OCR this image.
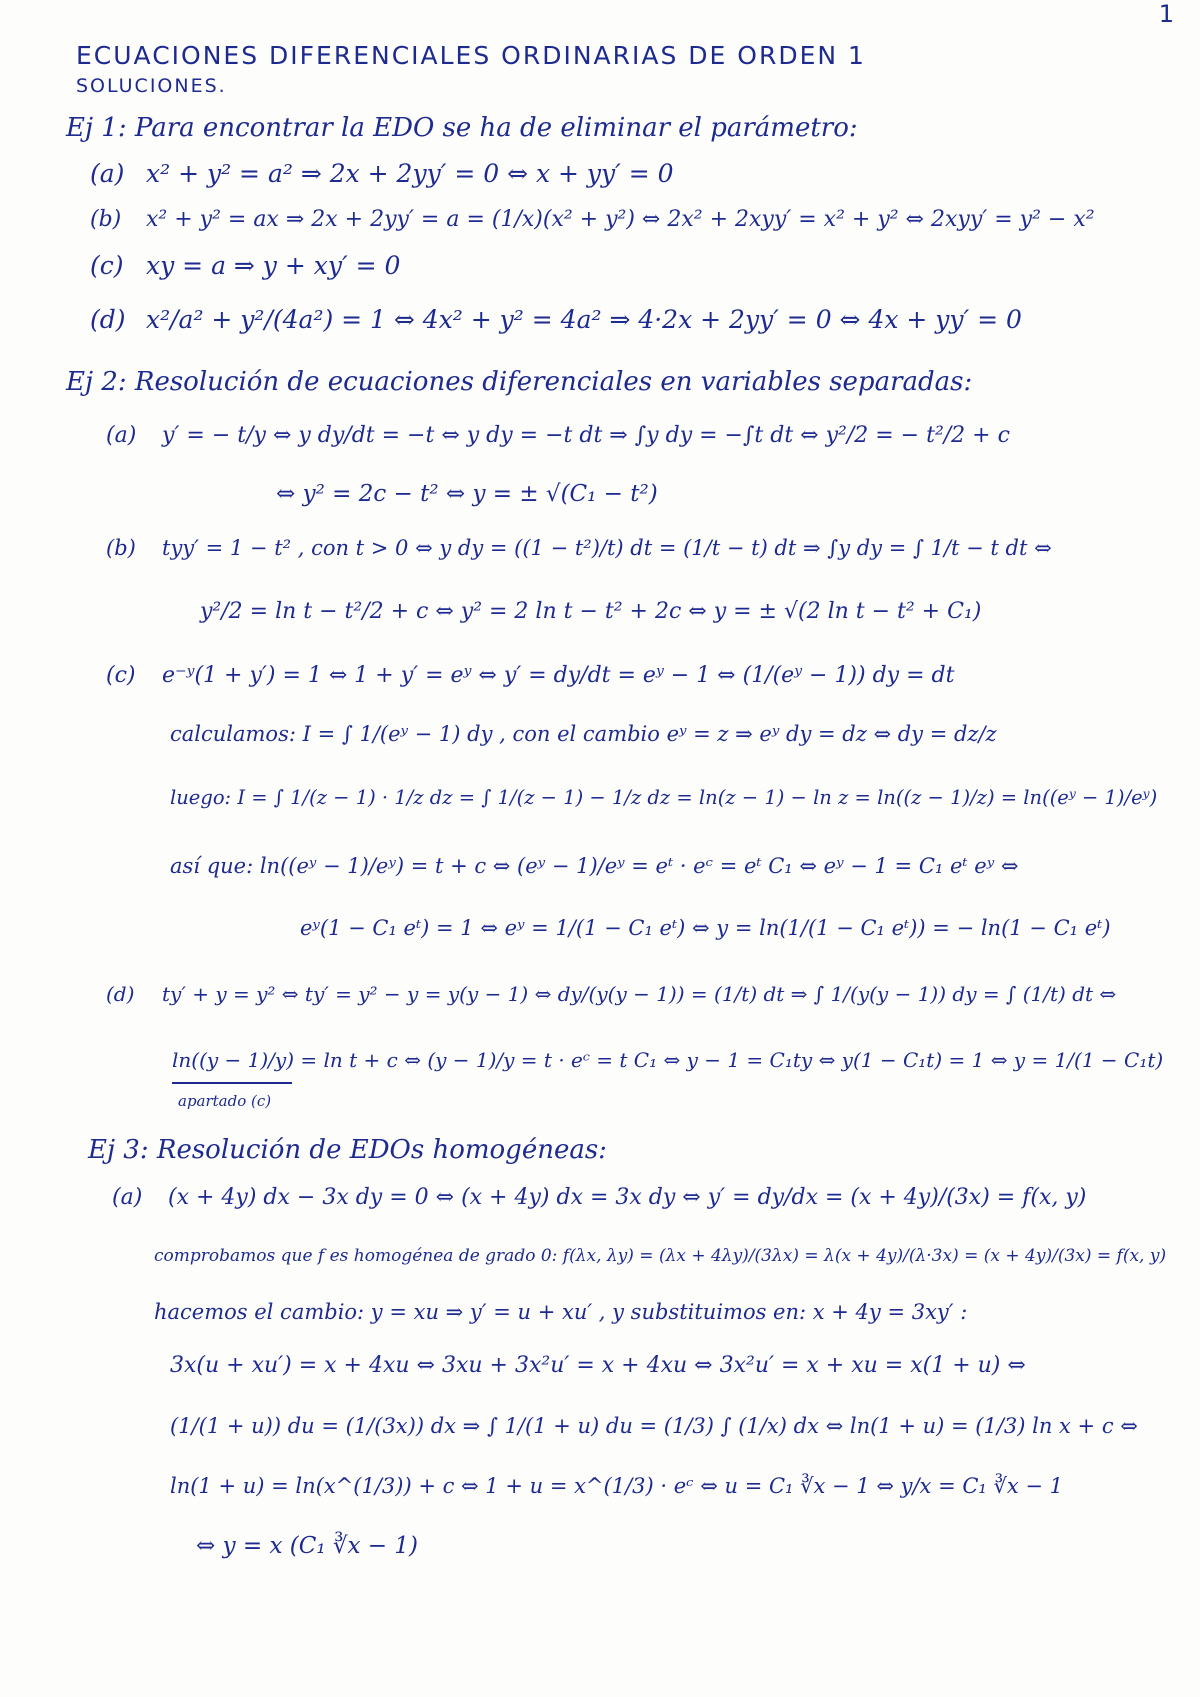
1
ECUACIONES DIFERENCIALES ORDINARIAS DE ORDEN 1
SOLUCIONES.
Ej 1: Para encontrar la EDO se ha de eliminar el parámetro:
(a) x² + y² = a² ⇒ 2x + 2yy′ = 0 ⇔ x + yy′ = 0
(b) x² + y² = ax ⇒ 2x + 2yy′ = a = (1/x)(x² + y²) ⇔ 2x² + 2xyy′ = x² + y² ⇔ 2xyy′ = y² − x²
(c) xy = a ⇒ y + xy′ = 0
(d) x²/a² + y²/(4a²) = 1 ⇔ 4x² + y² = 4a² ⇒ 4·2x + 2yy′ = 0 ⇔ 4x + yy′ = 0
Ej 2: Resolución de ecuaciones diferenciales en variables separadas:
(a) y′ = − t/y ⇔ y dy/dt = −t ⇔ y dy = −t dt ⇒ ∫y dy = −∫t dt ⇔ y²/2 = − t²/2 + c
⇔ y² = 2c − t² ⇔ y = ± √(C₁ − t²)
(b) tyy′ = 1 − t² , con t > 0 ⇔ y dy = ((1 − t²)/t) dt = (1/t − t) dt ⇒ ∫y dy = ∫ 1/t − t dt ⇔
y²/2 = ln t − t²/2 + c ⇔ y² = 2 ln t − t² + 2c ⇔ y = ± √(2 ln t − t² + C₁)
(c) e⁻ʸ(1 + y′) = 1 ⇔ 1 + y′ = eʸ ⇔ y′ = dy/dt = eʸ − 1 ⇔ (1/(eʸ − 1)) dy = dt
calculamos: I = ∫ 1/(eʸ − 1) dy , con el cambio eʸ = z ⇒ eʸ dy = dz ⇔ dy = dz/z
luego: I = ∫ 1/(z − 1) · 1/z dz = ∫ 1/(z − 1) − 1/z dz = ln(z − 1) − ln z = ln((z − 1)/z) = ln((eʸ − 1)/eʸ)
así que: ln((eʸ − 1)/eʸ) = t + c ⇔ (eʸ − 1)/eʸ = eᵗ · eᶜ = eᵗ C₁ ⇔ eʸ − 1 = C₁ eᵗ eʸ ⇔
eʸ(1 − C₁ eᵗ) = 1 ⇔ eʸ = 1/(1 − C₁ eᵗ) ⇔ y = ln(1/(1 − C₁ eᵗ)) = − ln(1 − C₁ eᵗ)
(d) ty′ + y = y² ⇔ ty′ = y² − y = y(y − 1) ⇔ dy/(y(y − 1)) = (1/t) dt ⇒ ∫ 1/(y(y − 1)) dy = ∫ (1/t) dt ⇔
ln((y − 1)/y) = ln t + c ⇔ (y − 1)/y = t · eᶜ = t C₁ ⇔ y − 1 = C₁ty ⇔ y(1 − C₁t) = 1 ⇔ y = 1/(1 − C₁t)
apartado (c)
Ej 3: Resolución de EDOs homogéneas:
(a) (x + 4y) dx − 3x dy = 0 ⇔ (x + 4y) dx = 3x dy ⇔ y′ = dy/dx = (x + 4y)/(3x) = f(x, y)
comprobamos que f es homogénea de grado 0: f(λx, λy) = (λx + 4λy)/(3λx) = λ(x + 4y)/(λ·3x) = (x + 4y)/(3x) = f(x, y)
hacemos el cambio: y = xu ⇒ y′ = u + xu′ , y substituimos en: x + 4y = 3xy′ :
3x(u + xu′) = x + 4xu ⇔ 3xu + 3x²u′ = x + 4xu ⇔ 3x²u′ = x + xu = x(1 + u) ⇔
(1/(1 + u)) du = (1/(3x)) dx ⇒ ∫ 1/(1 + u) du = (1/3) ∫ (1/x) dx ⇔ ln(1 + u) = (1/3) ln x + c ⇔
ln(1 + u) = ln(x^(1/3)) + c ⇔ 1 + u = x^(1/3) · eᶜ ⇔ u = C₁ ∛x − 1 ⇔ y/x = C₁ ∛x − 1
⇔ y = x (C₁ ∛x − 1)
